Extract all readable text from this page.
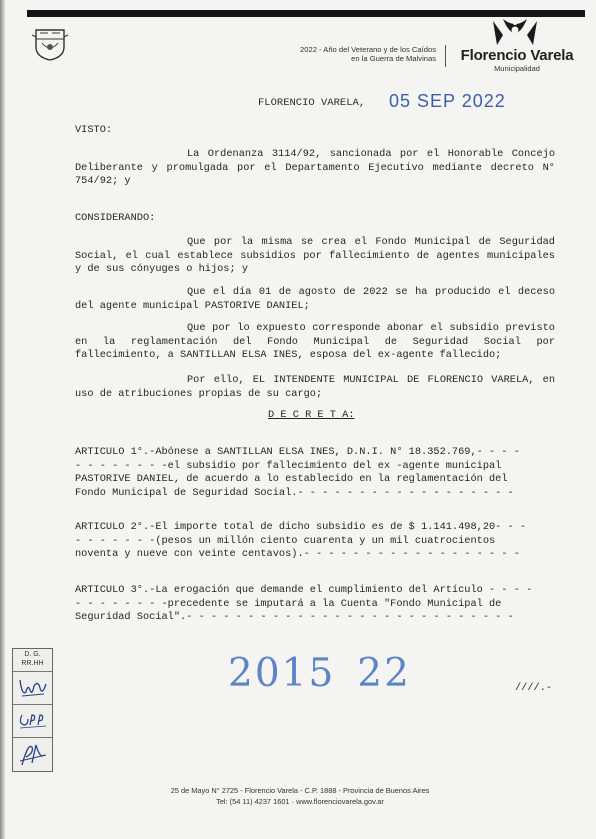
2022 - Año del Veterano y de los Caídos
en la Guerra de Malvinas	Florencio Varela
Municipalidad
FLORENCIO VARELA, 05 SEP 2022
VISTO:
La Ordenanza 3114/92, sancionada por el Honorable Concejo Deliberante y promulgada por el Departamento Ejecutivo mediante decreto N° 754/92; y
CONSIDERANDO:
Que por la misma se crea el Fondo Municipal de Seguridad Social, el cual establece subsidios por fallecimiento de agentes municipales y de sus cónyuges o hijos; y
Que el día 01 de agosto de 2022 se ha producido el deceso del agente municipal PASTORIVE DANIEL;
Que por lo expuesto corresponde abonar el subsidio previsto en la reglamentación del Fondo Municipal de Seguridad Social por fallecimiento, a SANTILLAN ELSA INES, esposa del ex-agente fallecido;
Por ello, EL INTENDENTE MUNICIPAL DE FLORENCIO VARELA, en uso de atribuciones propias de su cargo;
D E C R E T A:
ARTICULO 1°.-Abónese a SANTILLAN ELSA INES, D.N.I. N° 18.352.769,- - - -
- - - - - - - -el subsidio por fallecimiento del ex -agente municipal
PASTORIVE DANIEL, de acuerdo a lo establecido en la reglamentación del
Fondo Municipal de Seguridad Social.- - - - - - - - - - - - - - - - - -
ARTICULO 2°.-El importe total de dicho subsidio es de $ 1.141.498,20- - -
- - - - - - -(pesos un millón ciento cuarenta y un mil cuatrocientos
noventa y nueve con veinte centavos).- - - - - - - - - - - - - - - - - -
ARTICULO 3°.-La erogación que demande el cumplimiento del Artículo - - - -
- - - - - - - -precedente se imputará a la Cuenta "Fondo Municipal de
Seguridad Social".- - - - - - - - - - - - - - - - - - - - - - - - - - -
2015 22	////.-
D. G.
RR.HH
25 de Mayo N° 2725 - Florencio Varela - C.P. 1888 - Provincia de Buenos Aires
Tel: (54 11) 4237 1601 · www.florenciovarela.gov.ar
